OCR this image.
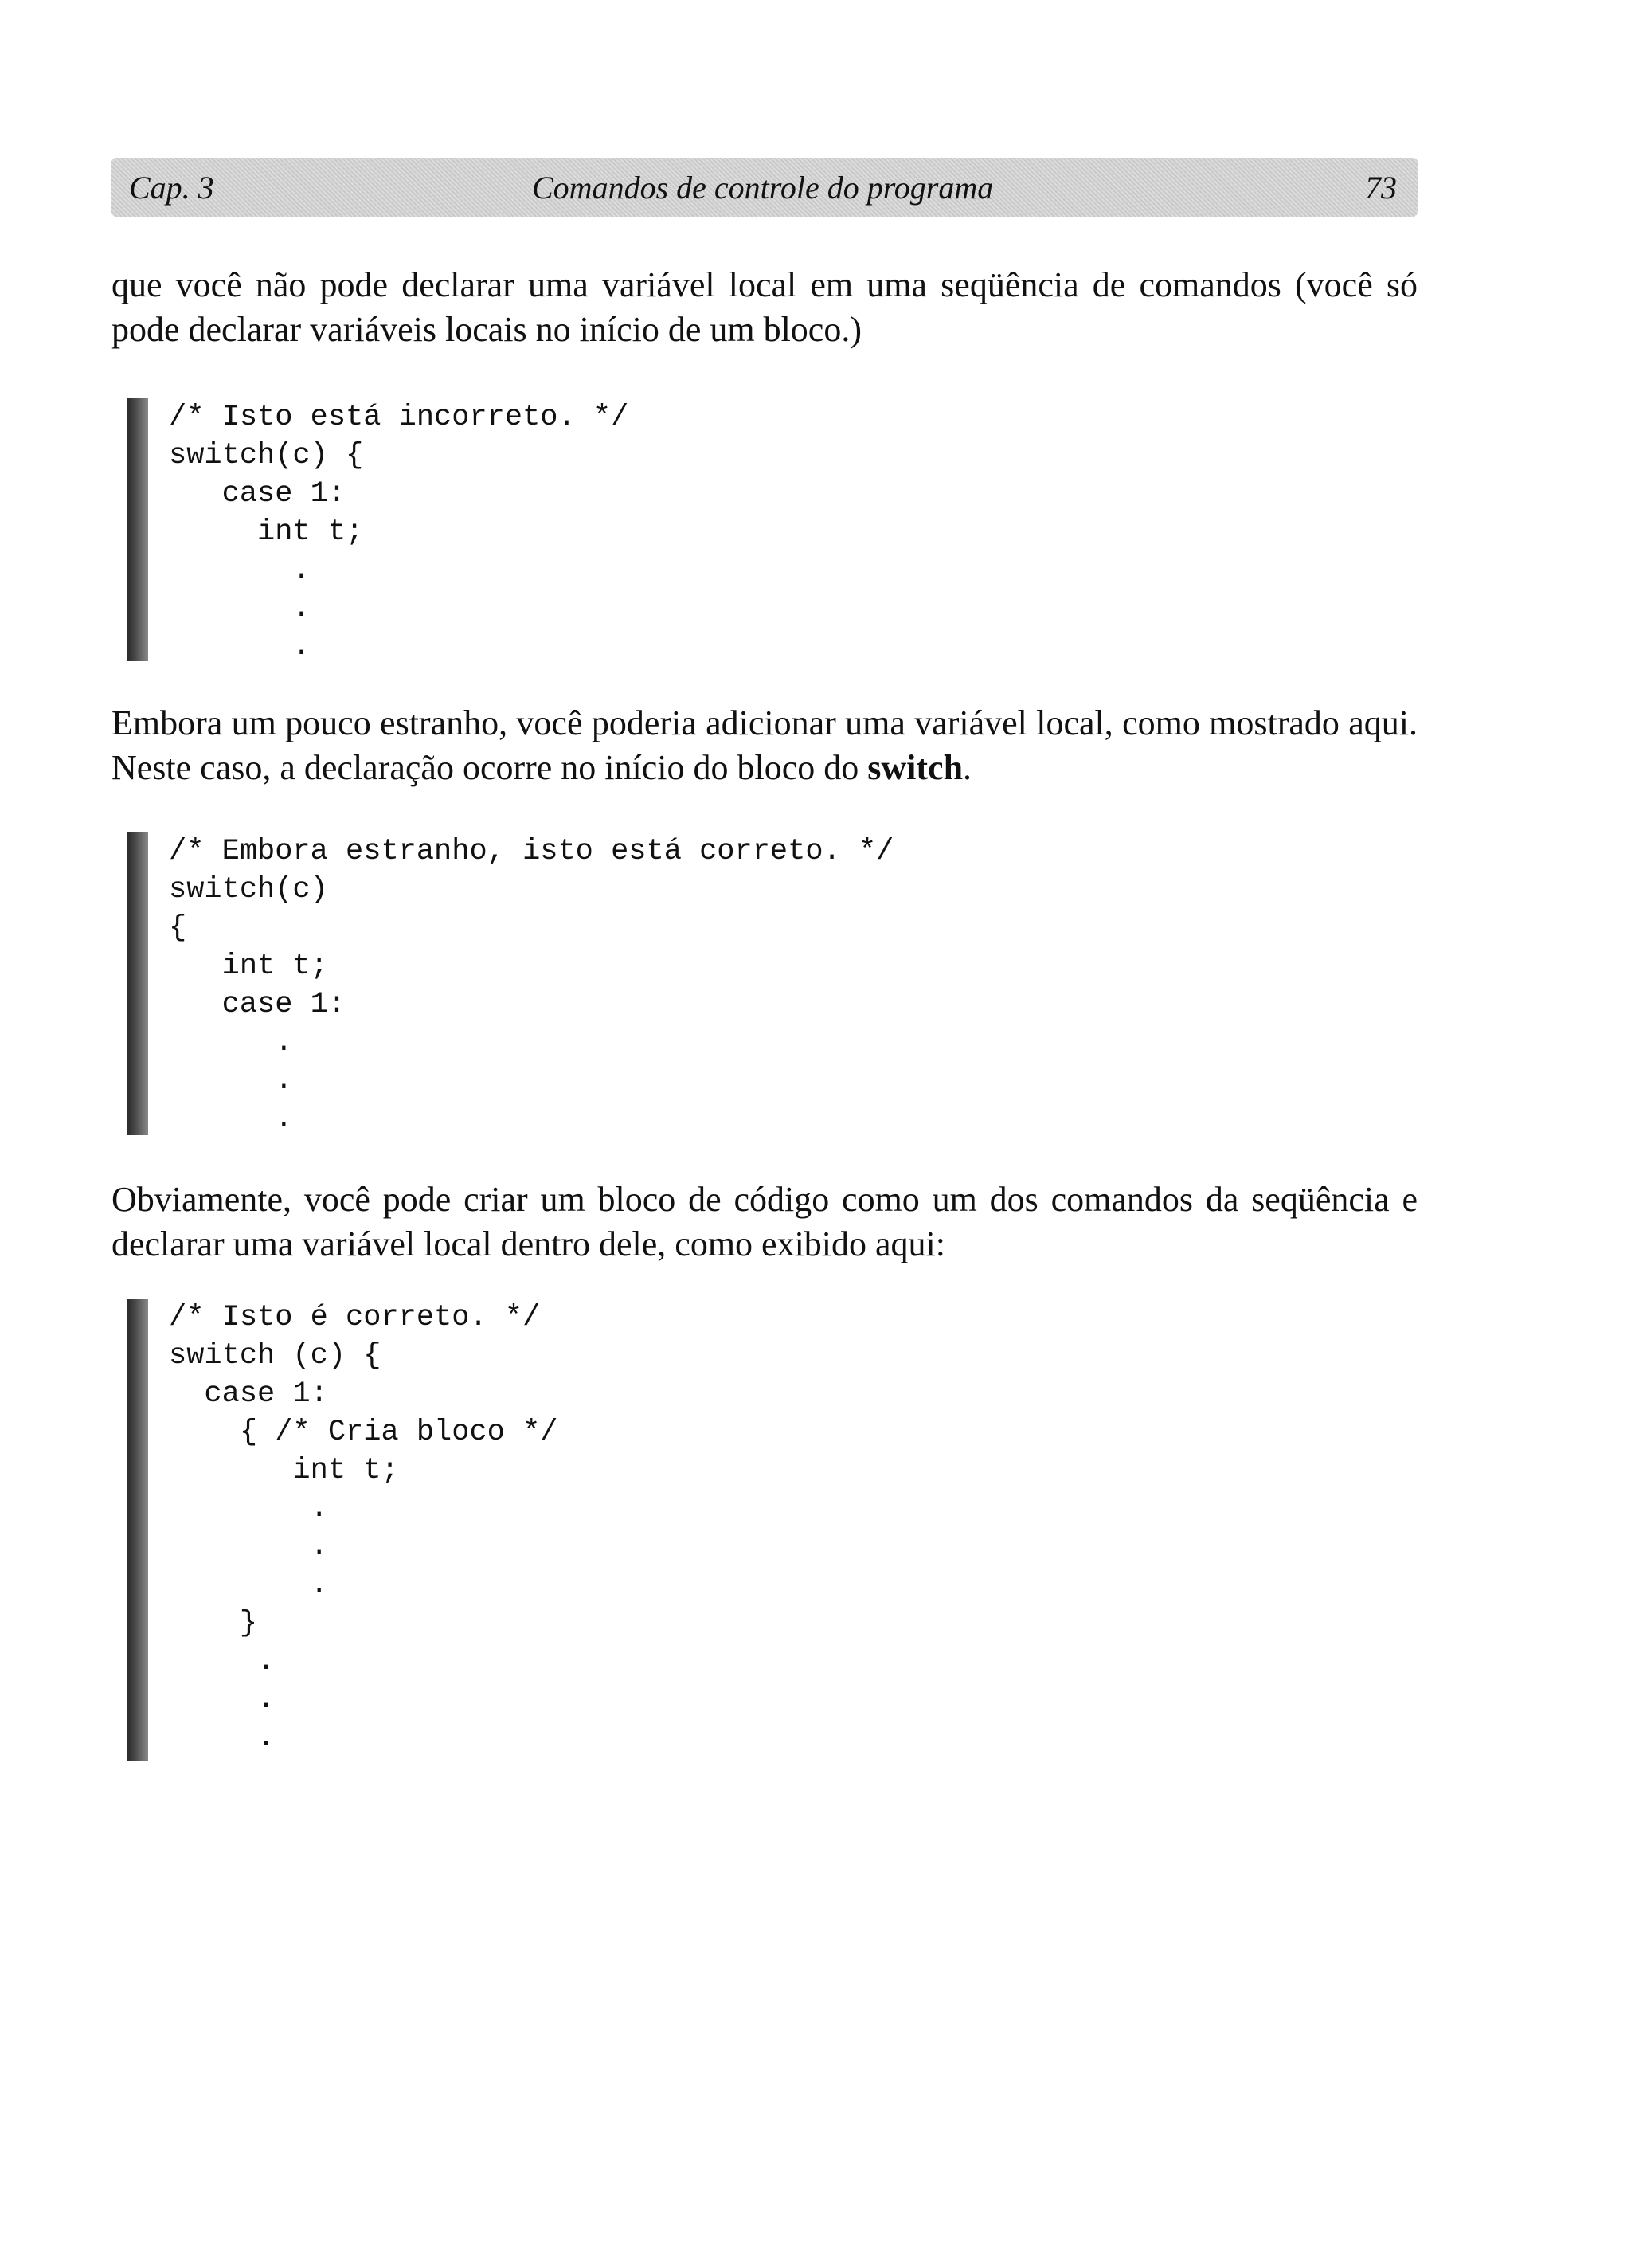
Cap. 3	Comandos de controle do programa	73

que você não pode declarar uma variável local em uma seqüência de comandos (você só pode declarar variáveis locais no início de um bloco.)

/* Isto está incorreto. */
switch(c) {
case 1:
int t;
.
.
.

Embora um pouco estranho, você poderia adicionar uma variável local, como mostrado aqui. Neste caso, a declaração ocorre no início do bloco do switch.

/* Embora estranho, isto está correto. */
switch(c)
{
int t;
case 1:
.
.
.

Obviamente, você pode criar um bloco de código como um dos comandos da seqüência e declarar uma variável local dentro dele, como exibido aqui:

/* Isto é correto. */
switch (c) {
case 1:
{ /* Cria bloco */
int t;
.
.
.
}
.
.
.
